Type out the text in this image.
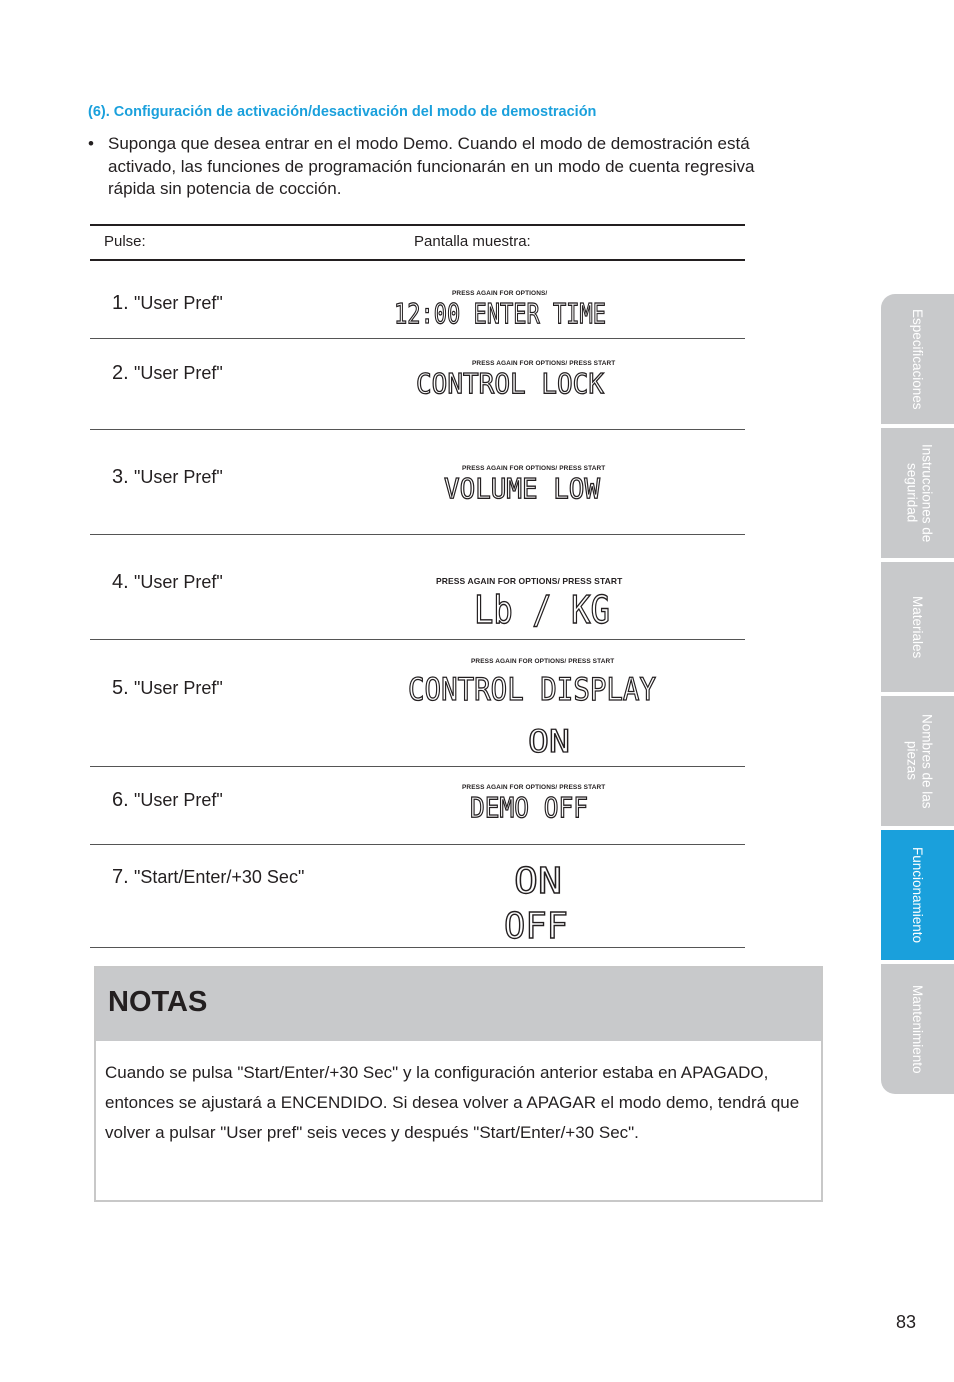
(6). Configuración de activación/desactivación del modo de demostración
• Suponga que desea entrar en el modo Demo. Cuando el modo de demostración está activado, las funciones de programación funcionarán en un modo de cuenta regresiva rápida sin potencia de cocción.
Pulse:	Pantalla muestra:
1. "User Pref"	PRESS AGAIN FOR OPTIONS/
12:00 ENTER TIME
2. "User Pref"	PRESS AGAIN FOR OPTIONS/ PRESS START
CONTROL LOCK
3. "User Pref"	PRESS AGAIN FOR OPTIONS/ PRESS START
VOLUME LOW
4. "User Pref"	PRESS AGAIN FOR OPTIONS/ PRESS START
Lb / KG
5. "User Pref"
PRESS AGAIN FOR OPTIONS/ PRESS START
CONTROL DISPLAY
ON
6. "User Pref"
PRESS AGAIN FOR OPTIONS/ PRESS START
DEMO OFF
7. "Start/Enter/+30 Sec"	ON
OFF
NOTAS
Cuando se pulsa "Start/Enter/+30 Sec" y la configuración anterior estaba en APAGADO, entonces se ajustará a ENCENDIDO. Si desea volver a APAGAR el modo demo, tendrá que volver a pulsar "User pref" seis veces y después "Start/Enter/+30 Sec".
Especificaciones
Instrucciones de seguridad
Materiales
Nombres de las piezas
Funcionamiento
Mantenimiento
83
